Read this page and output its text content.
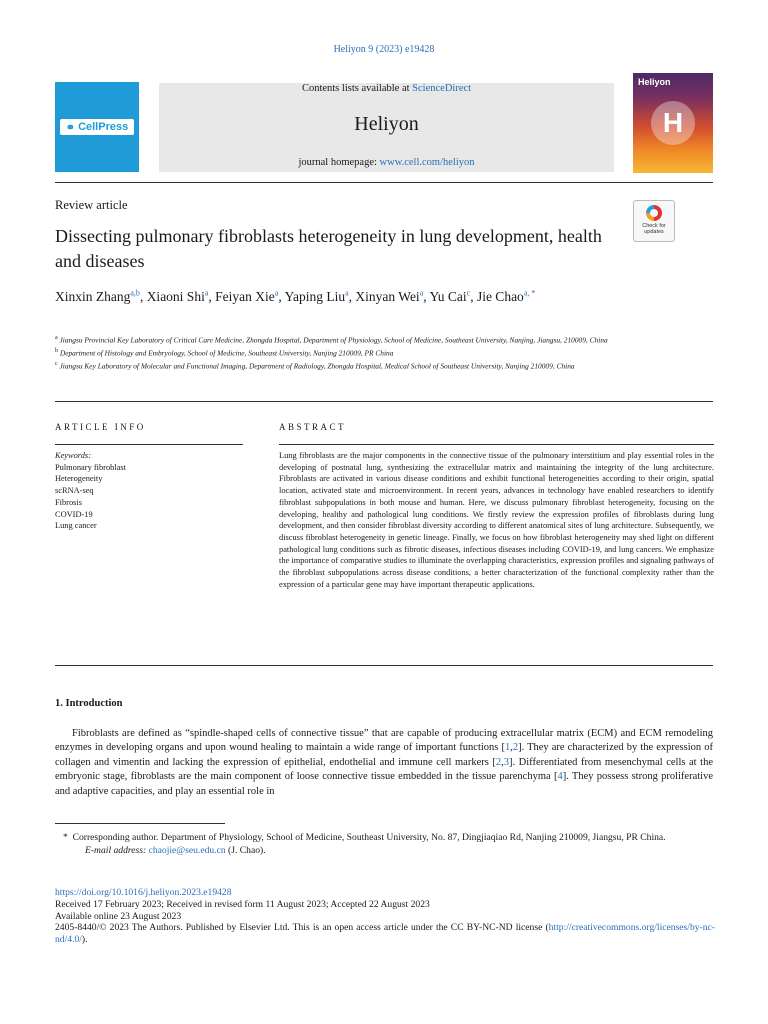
Heliyon 9 (2023) e19428
⚭ CellPress
Contents lists available at ScienceDirect
Heliyon
journal homepage: www.cell.com/heliyon
Heliyon
H
Review article
Check for updates
Dissecting pulmonary fibroblasts heterogeneity in lung development, health and diseases
Xinxin Zhang$^{a,b}$, Xiaoni Shi$^a$, Feiyan Xie$^a$, Yaping Liu$^a$, Xinyan Wei$^a$, Yu Cai$^c$, Jie Chao$^{a, *}$
$^a$ Jiangsu Provincial Key Laboratory of Critical Care Medicine, Zhongda Hospital, Department of Physiology, School of Medicine, Southeast University, Nanjing, Jiangsu, 210009, China
$^b$ Department of Histology and Embryology, School of Medicine, Southeast University, Nanjing 210009, PR China
$^c$ Jiangsu Key Laboratory of Molecular and Functional Imaging, Department of Radiology, Zhongda Hospital, Medical School of Southeast University, Nanjing 210009, China
ARTICLE INFO	ABSTRACT
Keywords:
Pulmonary fibroblast
Heterogeneity
scRNA-seq
Fibrosis
COVID-19
Lung cancer
Lung fibroblasts are the major components in the connective tissue of the pulmonary interstitium and play essential roles in the developing of postnatal lung, synthesizing the extracellular matrix and maintaining the integrity of the lung architecture. Fibroblasts are activated in various disease conditions and exhibit functional heterogeneities according to their origin, spatial location, activated state and microenvironment. In recent years, advances in technology have enabled researchers to identify fibroblast subpopulations in both mouse and human. Here, we discuss pulmonary fibroblast heterogeneity, focusing on the developing, healthy and pathological lung conditions. We firstly review the expression profiles of fibroblasts during lung development, and then consider fibroblast diversity according to different anatomical sites of lung architecture. Subsequently, we discuss fibroblast heterogeneity in genetic lineage. Finally, we focus on how fibroblast heterogeneity may shed light on different pathological lung conditions such as fibrotic diseases, infectious diseases including COVID-19, and lung cancers. We emphasize the importance of comparative studies to illuminate the overlapping characteristics, expression profiles and signaling pathways of the fibroblast subpopulations across disease conditions, a better characterization of the functional complexity rather than the expression of a particular gene may have important therapeutic applications.
1. Introduction
Fibroblasts are defined as “spindle-shaped cells of connective tissue” that are capable of producing extracellular matrix (ECM) and ECM remodeling enzymes in developing organs and upon wound healing to maintain a wide range of important functions [1,2]. They are characterized by the expression of collagen and vimentin and lacking the expression of epithelial, endothelial and immune cell markers [2,3]. Differentiated from mesenchymal cells at the embryonic stage, fibroblasts are the main component of loose connective tissue embedded in the tissue parenchyma [4]. They possess strong proliferative and adaptive capacities, and play an essential role in
* Corresponding author. Department of Physiology, School of Medicine, Southeast University, No. 87, Dingjiaqiao Rd, Nanjing 210009, Jiangsu, PR China.
E-mail address: chaojie@seu.edu.cn (J. Chao).
https://doi.org/10.1016/j.heliyon.2023.e19428
Received 17 February 2023; Received in revised form 11 August 2023; Accepted 22 August 2023
Available online 23 August 2023
2405-8440/© 2023 The Authors. Published by Elsevier Ltd. This is an open access article under the CC BY-NC-ND license (http://creativecommons.org/licenses/by-nc-nd/4.0/).
